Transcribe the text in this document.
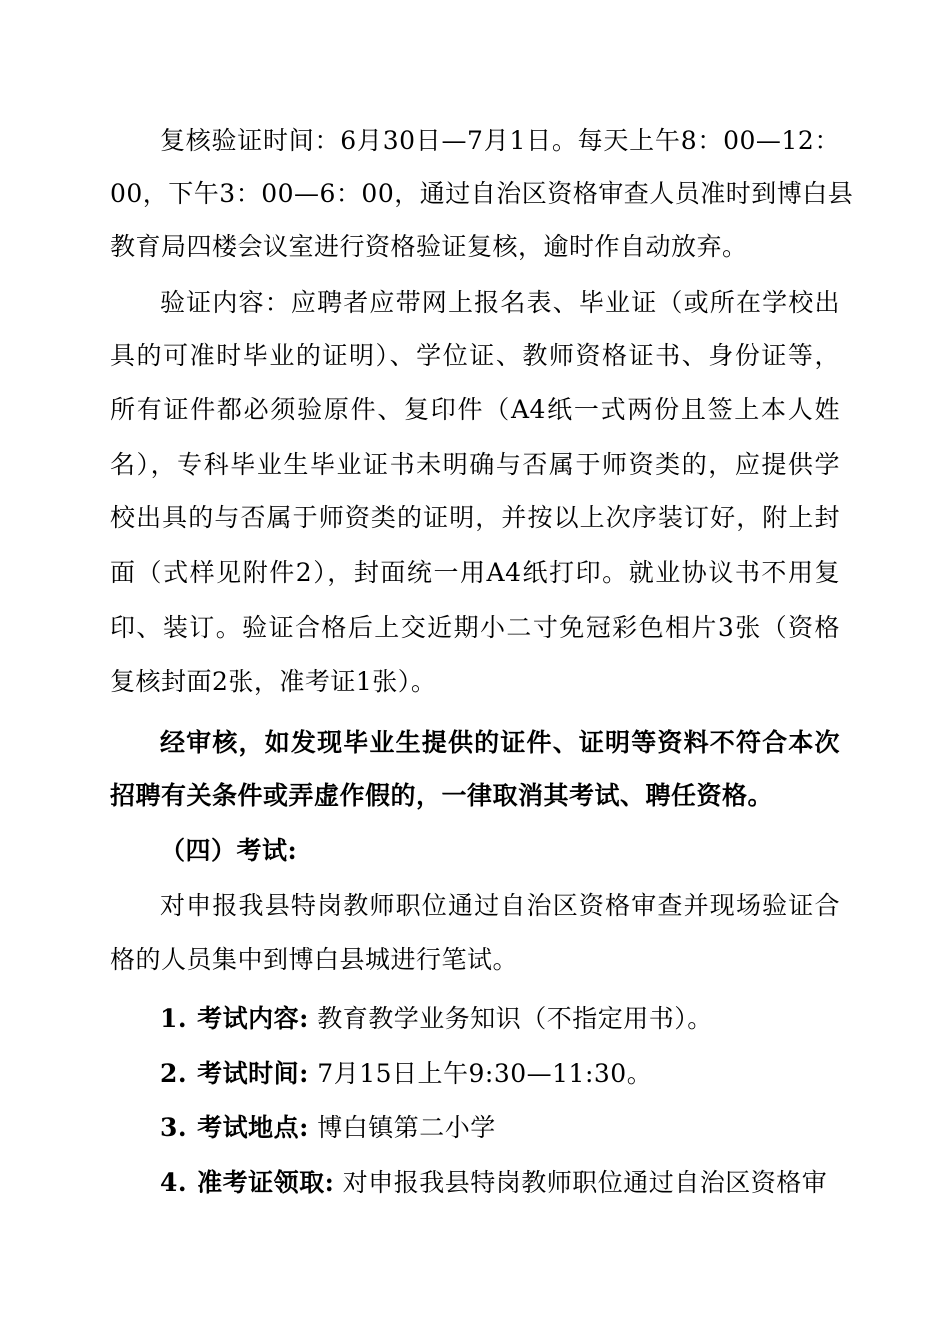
复核验证时间：6月30日—7月1日。每天上午8：00—12：
00，下午3：00—6：00，通过自治区资格审查人员准时到博白县
教育局四楼会议室进行资格验证复核，逾时作自动放弃。
验证内容：应聘者应带网上报名表、毕业证（或所在学校出
具的可准时毕业的证明）、学位证、教师资格证书、身份证等，
所有证件都必须验原件、复印件（A4纸一式两份且签上本人姓
名），专科毕业生毕业证书未明确与否属于师资类的，应提供学
校出具的与否属于师资类的证明，并按以上次序装订好，附上封
面（式样见附件2），封面统一用A4纸打印。就业协议书不用复
印、装订。验证合格后上交近期小二寸免冠彩色相片3张（资格
复核封面2张，准考证1张）。
经审核，如发现毕业生提供的证件、证明等资料不符合本次
招聘有关条件或弄虚作假的，一律取消其考试、聘任资格。
（四）考试:
对申报我县特岗教师职位通过自治区资格审查并现场验证合
格的人员集中到博白县城进行笔试。
1. 考试内容: 教育教学业务知识（不指定用书）。
2. 考试时间: 7月15日上午9:30—11:30。
3. 考试地点: 博白镇第二小学
4. 准考证领取: 对申报我县特岗教师职位通过自治区资格审
